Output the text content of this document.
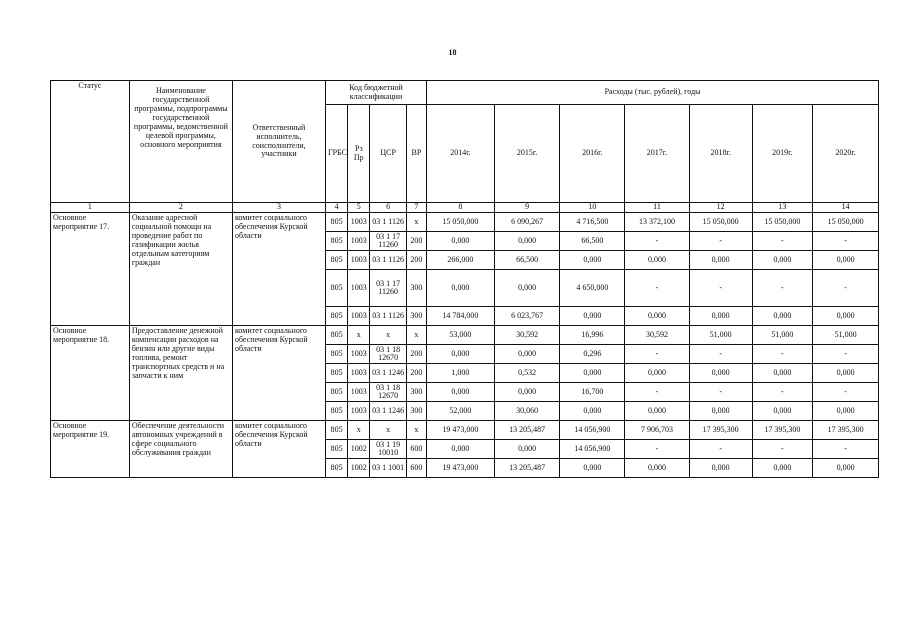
18
Статус	Наименование государственной программы, подпрограммы государственной программы, ведомственной целевой программы, основного мероприятия	Ответственный исполнитель, соисполнители, участники	Код бюджетной классификации				Расходы (тыс. рублей), годы						
			ГРБС	Рз Пр	ЦСР	ВР	2014г.	2015г.	2016г.	2017г.	2018г.	2019г.	2020г.
1	2	3	4	5	6	7	8	9	10	11	12	13	14
Основное мероприятие 17.	Оказание адресной социальной помощи на проведение работ по газификации жилья отдельным категориям граждан	комитет социального обеспечения Курской области	805	1003	03 1 1126	x	15 050,000	6 090,267	4 716,500	13 372,100	15 050,000	15 050,000	15 050,000
			805	1003	03 1 17 11260	200	0,000	0,000	66,500	-	-	-	-
			805	1003	03 1 1126	200	266,000	66,500	0,000	0,000	0,000	0,000	0,000
			805	1003	03 1 17 11260	300	0,000	0,000	4 650,000	-	-	-	-
			805	1003	03 1 1126	300	14 784,000	6 023,767	0,000	0,000	0,000	0,000	0,000
Основное мероприятие 18.	Предоставление денежной компенсации расходов на бензин или другие виды топлива, ремонт транспортных средств и на запчасти к ним	комитет социального обеспечения Курской области	805	x	x	x	53,000	30,592	16,996	30,592	51,000	51,000	51,000
			805	1003	03 1 18 12670	200	0,000	0,000	0,296	-	-	-	-
			805	1003	03 1 1246	200	1,000	0,532	0,000	0,000	0,000	0,000	0,000
			805	1003	03 1 18 12670	300	0,000	0,000	16,700	-	-	-	-
			805	1003	03 1 1246	300	52,000	30,060	0,000	0,000	0,000	0,000	0,000
Основное мероприятие 19.	Обеспечение деятельности автономных учреждений в сфере социального обслуживания граждан	комитет социального обеспечения Курской области	805	x	x	x	19 473,000	13 205,487	14 056,900	7 906,703	17 395,300	17 395,300	17 395,300
			805	1002	03 1 19 10010	600	0,000	0,000	14 056,900	-	-	-	-
			805	1002	03 1 1001	600	19 473,000	13 205,487	0,000	0,000	0,000	0,000	0,000
